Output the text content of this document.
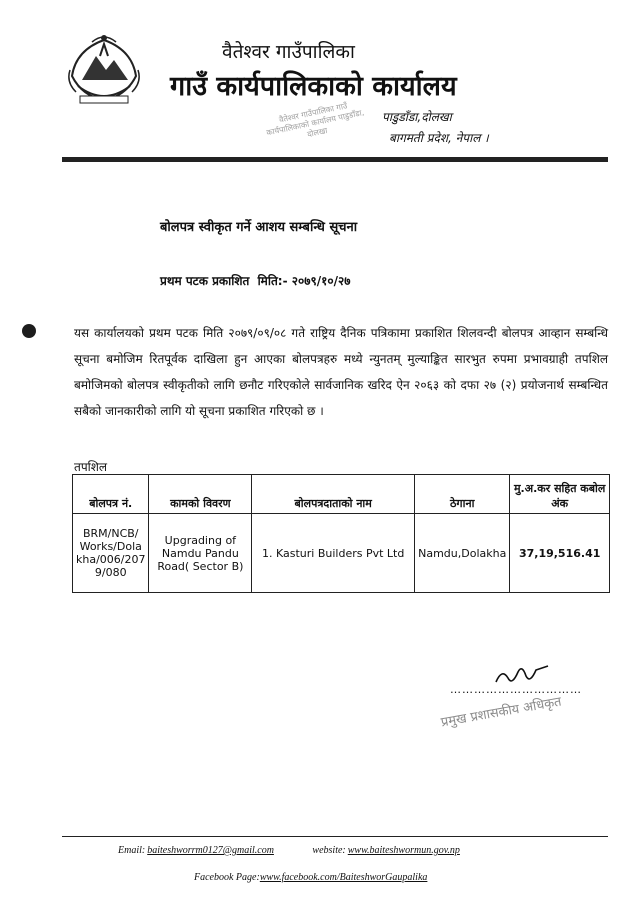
वैतेश्वर गाउँपालिका
गाउँ कार्यपालिकाको कार्यालय
पाडुडाँडा,दोलखा
बागमती प्रदेश, नेपाल ।
वैतेश्वर गाउँपालिका गाउँ कार्यपालिकाको कार्यालय पाडुडाँडा, दोलखा
बोलपत्र स्वीकृत गर्ने आशय सम्बन्धि सूचना
प्रथम पटक प्रकाशित मिति:- २०७९/१०/२७
यस कार्यालयको प्रथम पटक मिति २०७९/०९/०८ गते राष्ट्रिय दैनिक पत्रिकामा प्रकाशित शिलवन्दी बोलपत्र आव्हान सम्बन्धि सूचना बमोजिम रितपूर्वक दाखिला हुन आएका बोलपत्रहरु मध्ये न्युनतम् मुल्याङ्कित सारभुत रुपमा प्रभावग्राही तपशिल बमोजिमको बोलपत्र स्वीकृतीको लागि छनौट गरिएकोले सार्वजानिक खरिद ऐन २०६३ को दफा २७ (२) प्रयोजनार्थ सम्बन्धित सबैको जानकारीको लागि यो सूचना प्रकाशित गरिएको छ ।
तपशिल
बोलपत्र नं.	कामको विवरण	बोलपत्रदाताको नाम	ठेगाना	मु.अ.कर सहित कबोल अंक
BRM/NCB/ Works/Dola kha/006/207 9/080	Upgrading of Namdu Pandu Road( Sector B)	1. Kasturi Builders Pvt Ltd	Namdu,Dolakha	37,19,516.41
……………………………
प्रमुख प्रशासकीय अधिकृत
Email: baiteshworrm0127@gmail.com	website: www.baiteshwormun.gov.np
Facebook Page:www.facebook.com/BaiteshworGaupalika
